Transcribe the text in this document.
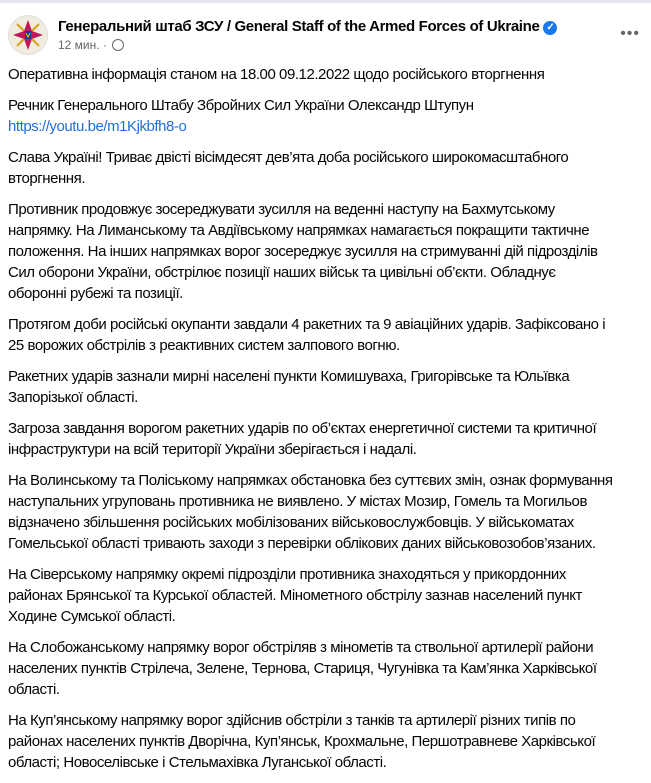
Генеральний штаб ЗСУ / General Staff of the Armed Forces of Ukraine ✓
12 мин. ·
•••
Оперативна інформація станом на 18.00 09.12.2022 щодо російського вторгнення
Речник Генерального Штабу Збройних Сил України Олександр Штупун
https://youtu.be/m1Kjkbfh8-o
Слава Україні! Триває двісті вісімдесят дев’ята доба російського широкомасштабного
вторгнення.
Противник продовжує зосереджувати зусилля на веденні наступу на Бахмутському
напрямку. На Лиманському та Авдіївському напрямках намагається покращити тактичне
положення. На інших напрямках ворог зосереджує зусилля на стримуванні дій підрозділів
Сил оборони України, обстрілює позиції наших військ та цивільні об’єкти. Обладнує
оборонні рубежі та позиції.
Протягом доби російські окупанти завдали 4 ракетних та 9 авіаційних ударів. Зафіксовано і
25 ворожих обстрілів з реактивних систем залпового вогню.
Ракетних ударів зазнали мирні населені пункти Комишуваха, Григорівське та Юльївка
Запорізької області.
Загроза завдання ворогом ракетних ударів по об’єктах енергетичної системи та критичної
інфраструктури на всій території України зберігається і надалі.
На Волинському та Поліському напрямках обстановка без суттєвих змін, ознак формування
наступальних угруповань противника не виявлено. У містах Мозир, Гомель та Могильов
відзначено збільшення російських мобілізованих військовослужбовців. У військоматах
Гомельської області тривають заходи з перевірки облікових даних військовозобов’язаних.
На Сіверському напрямку окремі підрозділи противника знаходяться у прикордонних
районах Брянської та Курської областей. Мінометного обстрілу зазнав населений пункт
Ходине Сумської області.
На Слобожанському напрямку ворог обстріляв з мінометів та ствольної артилерії райони
населених пунктів Стрілеча, Зелене, Тернова, Стариця, Чугунівка та Кам’янка Харківської
області.
На Куп’янському напрямку ворог здійснив обстріли з танків та артилерії різних типів по
районах населених пунктів Дворічна, Куп’янськ, Крохмальне, Першотравневе Харківської
області; Новоселівське і Стельмахівка Луганської області.
